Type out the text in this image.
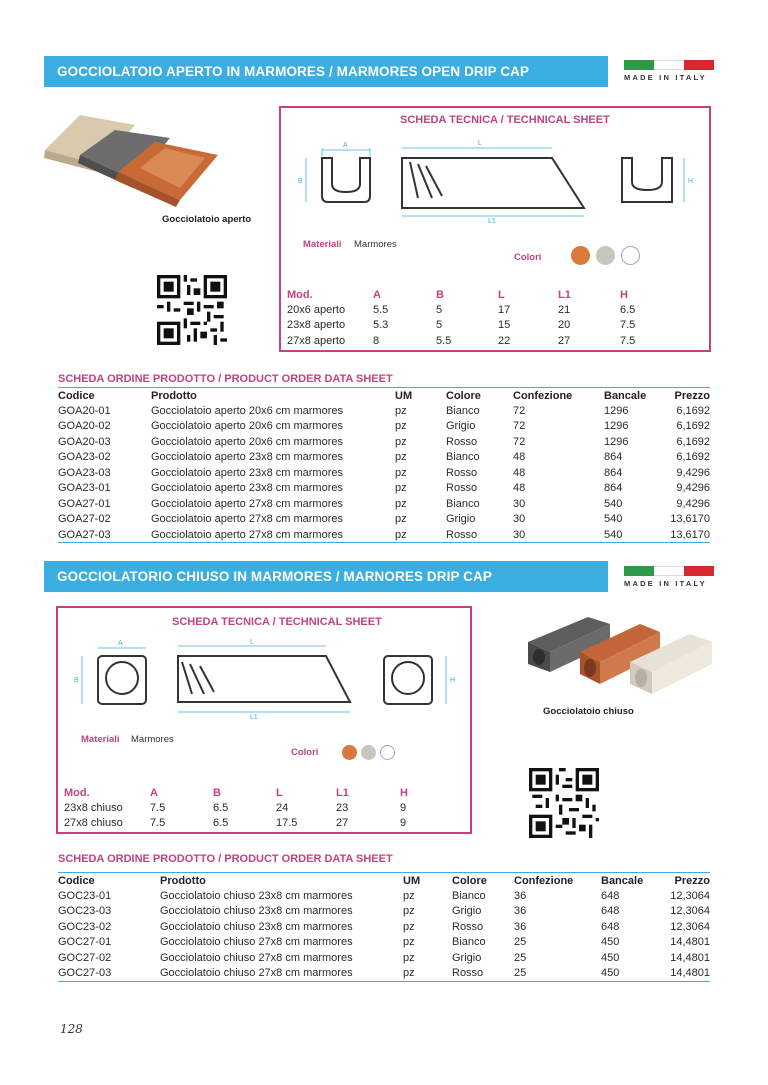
GOCCIOLATOIO APERTO IN MARMORES / MARMORES OPEN DRIP CAP	MADE IN ITALY
Gocciolatoio aperto
SCHEDA TECNICA / TECHNICAL SHEET
A
B
L
L1
H
Materiali Marmores
Colori
Mod.	A	B	L	L1	H
20x6 aperto	5.5	5	17	21	6.5
23x8 aperto	5.3	5	15	20	7.5
27x8 aperto	8	5.5	22	27	7.5
SCHEDA ORDINE PRODOTTO / PRODUCT ORDER DATA SHEET
Codice	Prodotto	UM	Colore	Confezione	Bancale	Prezzo
GOA20-01	Gocciolatoio aperto 20x6 cm marmores	pz	Bianco	72	1296	6,1692
GOA20-02	Gocciolatoio aperto 20x6 cm marmores	pz	Grigio	72	1296	6,1692
GOA20-03	Gocciolatoio aperto 20x6 cm marmores	pz	Rosso	72	1296	6,1692
GOA23-02	Gocciolatoio aperto 23x8 cm marmores	pz	Bianco	48	864	6,1692
GOA23-03	Gocciolatoio aperto 23x8 cm marmores	pz	Rosso	48	864	9,4296
GOA23-01	Gocciolatoio aperto 23x8 cm marmores	pz	Rosso	48	864	9,4296
GOA27-01	Gocciolatoio aperto 27x8 cm marmores	pz	Bianco	30	540	9,4296
GOA27-02	Gocciolatoio aperto 27x8 cm marmores	pz	Grigio	30	540	13,6170
GOA27-03	Gocciolatoio aperto 27x8 cm marmores	pz	Rosso	30	540	13,6170
GOCCIOLATORIO CHIUSO IN MARMORES / MARNORES DRIP CAP	MADE IN ITALY
SCHEDA TECNICA / TECHNICAL SHEET
A
B
L
L1
H
Materiali Marmores
Colori
Mod.	A	B	L	L1	H
23x8 chiuso	7.5	6.5	24	23	9
27x8 chiuso	7.5	6.5	17.5	27	9
Gocciolatoio chiuso
SCHEDA ORDINE PRODOTTO / PRODUCT ORDER DATA SHEET
Codice	Prodotto	UM	Colore	Confezione	Bancale	Prezzo
GOC23-01	Gocciolatoio chiuso 23x8 cm marmores	pz	Bianco	36	648	12,3064
GOC23-03	Gocciolatoio chiuso 23x8 cm marmores	pz	Grigio	36	648	12,3064
GOC23-02	Gocciolatoio chiuso 23x8 cm marmores	pz	Rosso	36	648	12,3064
GOC27-01	Gocciolatoio chiuso 27x8 cm marmores	pz	Bianco	25	450	14,4801
GOC27-02	Gocciolatoio chiuso 27x8 cm marmores	pz	Grigio	25	450	14,4801
GOC27-03	Gocciolatoio chiuso 27x8 cm marmores	pz	Rosso	25	450	14,4801
128
